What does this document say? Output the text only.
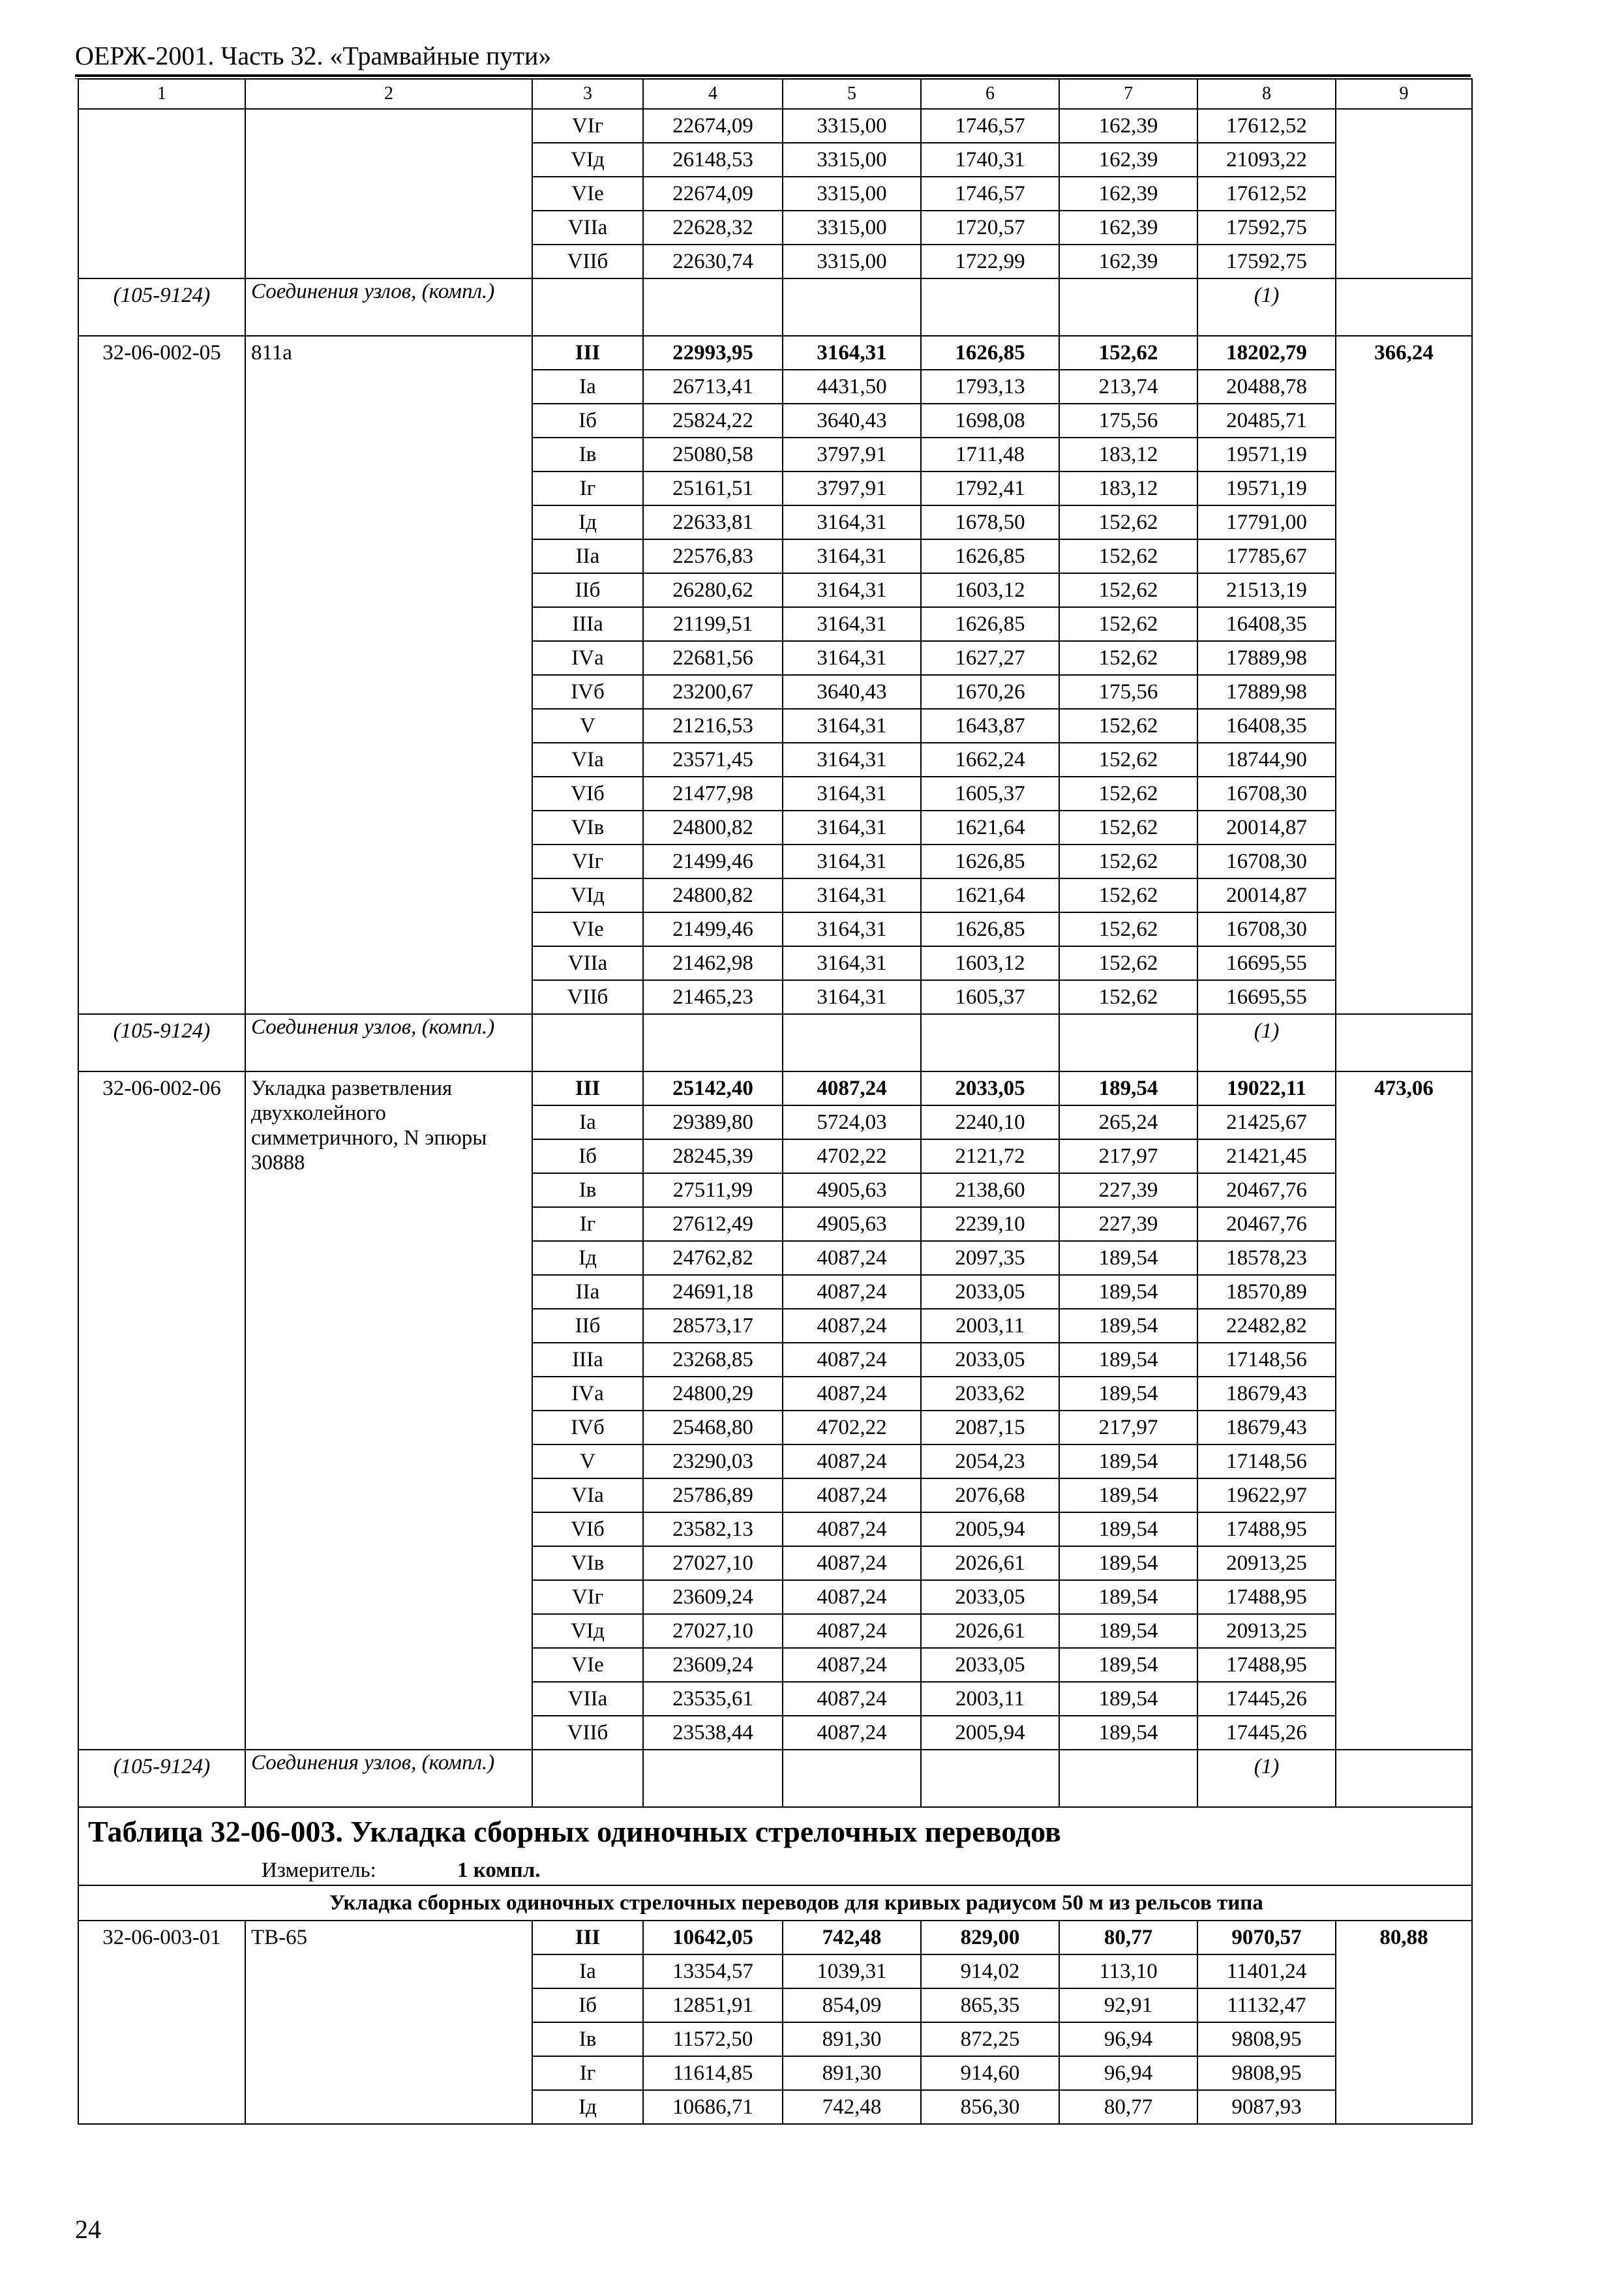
ОЕРЖ-2001. Часть 32. «Трамвайные пути»
1	2	3	4	5	6	7	8	9
		VIг	22674,09	3315,00	1746,57	162,39	17612,52	
		VIд	26148,53	3315,00	1740,31	162,39	21093,22	
		VIе	22674,09	3315,00	1746,57	162,39	17612,52	
		VIIа	22628,32	3315,00	1720,57	162,39	17592,75	
		VIIб	22630,74	3315,00	1722,99	162,39	17592,75	
(105-9124)	Соединения узлов, (компл.)						(1)	
32-06-002-05	811а	III	22993,95	3164,31	1626,85	152,62	18202,79	366,24
		Iа	26713,41	4431,50	1793,13	213,74	20488,78	
		Iб	25824,22	3640,43	1698,08	175,56	20485,71	
		Iв	25080,58	3797,91	1711,48	183,12	19571,19	
		Iг	25161,51	3797,91	1792,41	183,12	19571,19	
		Iд	22633,81	3164,31	1678,50	152,62	17791,00	
		IIа	22576,83	3164,31	1626,85	152,62	17785,67	
		IIб	26280,62	3164,31	1603,12	152,62	21513,19	
		IIIа	21199,51	3164,31	1626,85	152,62	16408,35	
		IVа	22681,56	3164,31	1627,27	152,62	17889,98	
		IVб	23200,67	3640,43	1670,26	175,56	17889,98	
		V	21216,53	3164,31	1643,87	152,62	16408,35	
		VIа	23571,45	3164,31	1662,24	152,62	18744,90	
		VIб	21477,98	3164,31	1605,37	152,62	16708,30	
		VIв	24800,82	3164,31	1621,64	152,62	20014,87	
		VIг	21499,46	3164,31	1626,85	152,62	16708,30	
		VIд	24800,82	3164,31	1621,64	152,62	20014,87	
		VIе	21499,46	3164,31	1626,85	152,62	16708,30	
		VIIа	21462,98	3164,31	1603,12	152,62	16695,55	
		VIIб	21465,23	3164,31	1605,37	152,62	16695,55	
(105-9124)	Соединения узлов, (компл.)						(1)	
32-06-002-06	Укладка разветвления двухколейного симметричного, N эпюры 30888	III	25142,40	4087,24	2033,05	189,54	19022,11	473,06
		Iа	29389,80	5724,03	2240,10	265,24	21425,67	
		Iб	28245,39	4702,22	2121,72	217,97	21421,45	
		Iв	27511,99	4905,63	2138,60	227,39	20467,76	
		Iг	27612,49	4905,63	2239,10	227,39	20467,76	
		Iд	24762,82	4087,24	2097,35	189,54	18578,23	
		IIа	24691,18	4087,24	2033,05	189,54	18570,89	
		IIб	28573,17	4087,24	2003,11	189,54	22482,82	
		IIIа	23268,85	4087,24	2033,05	189,54	17148,56	
		IVа	24800,29	4087,24	2033,62	189,54	18679,43	
		IVб	25468,80	4702,22	2087,15	217,97	18679,43	
		V	23290,03	4087,24	2054,23	189,54	17148,56	
		VIа	25786,89	4087,24	2076,68	189,54	19622,97	
		VIб	23582,13	4087,24	2005,94	189,54	17488,95	
		VIв	27027,10	4087,24	2026,61	189,54	20913,25	
		VIг	23609,24	4087,24	2033,05	189,54	17488,95	
		VIд	27027,10	4087,24	2026,61	189,54	20913,25	
		VIе	23609,24	4087,24	2033,05	189,54	17488,95	
		VIIа	23535,61	4087,24	2003,11	189,54	17445,26	
		VIIб	23538,44	4087,24	2005,94	189,54	17445,26	
(105-9124)	Соединения узлов, (компл.)						(1)	
Таблица 32-06-003. Укладка сборных одиночных стрелочных переводов								
Измеритель: 1 компл.								
Укладка сборных одиночных стрелочных переводов для кривых радиусом 50 м из рельсов типа								
32-06-003-01	ТВ-65	III	10642,05	742,48	829,00	80,77	9070,57	80,88
		Iа	13354,57	1039,31	914,02	113,10	11401,24	
		Iб	12851,91	854,09	865,35	92,91	11132,47	
		Iв	11572,50	891,30	872,25	96,94	9808,95	
		Iг	11614,85	891,30	914,60	96,94	9808,95	
		Iд	10686,71	742,48	856,30	80,77	9087,93	
24
